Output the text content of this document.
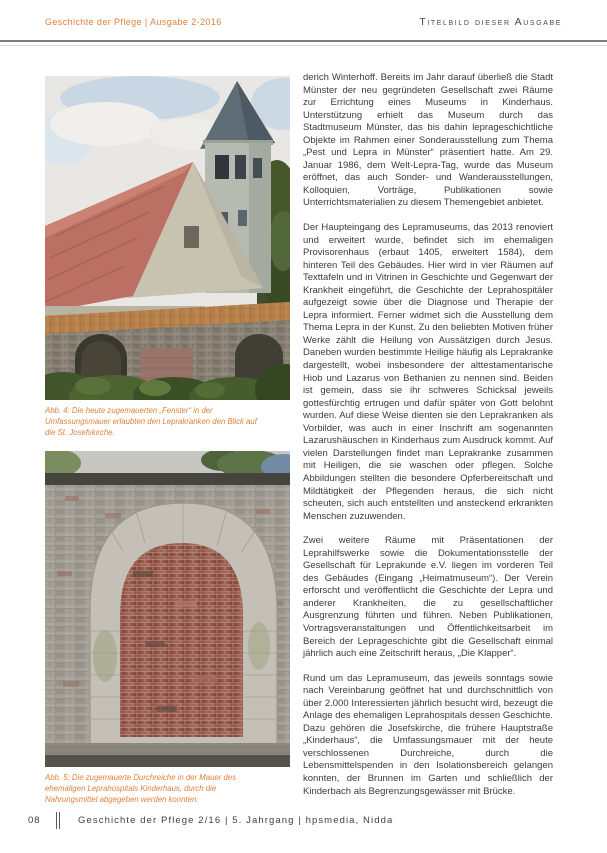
Geschichte der Pflege | Ausgabe 2-2016	Titelbild dieser Ausgabe
Abb. 4: Die heute zugemauerten „Fenster“ in der Umfassungsmauer erlaubten den Leprakranken den Blick auf die St. Josefskirche.
Abb. 5: Die zugemauerte Durchreiche in der Mauer des ehemaligen Leprahospitals Kinderhaus, durch die Nahrungsmittel abgegeben werden konnten.

derich Winterhoff. Bereits im Jahr darauf überließ die Stadt Münster der neu gegründeten Gesellschaft zwei Räume zur Errichtung eines Museums in Kinderhaus. Unterstützung erhielt das Museum durch das Stadtmuseum Münster, das bis dahin leprageschichtliche Objekte im Rahmen einer Sonderausstellung zum Thema „Pest und Lepra in Münster“ präsentiert hatte. Am 29. Januar 1986, dem Welt-Lepra-Tag, wurde das Museum eröffnet, das auch Sonder- und Wanderausstellungen, Kolloquien, Vorträge, Publikationen sowie Unterrichtsmaterialien zu diesem Themengebiet anbietet.

Der Haupteingang des Lepramuseums, das 2013 renoviert und erweitert wurde, befindet sich im ehemaligen Provisorenhaus (erbaut 1405, erweitert 1584), dem hinteren Teil des Gebäudes. Hier wird in vier Räumen auf Texttafeln und in Vitrinen in Geschichte und Gegenwart der Krankheit eingeführt, die Geschichte der Leprahospitäler aufgezeigt sowie über die Diagnose und Therapie der Lepra informiert. Ferner widmet sich die Ausstellung dem Thema Lepra in der Kunst. Zu den beliebten Motiven früher Werke zählt die Heilung von Aussätzigen durch Jesus. Daneben wurden bestimmte Heilige häufig als Leprakranke dargestellt, wobei insbesondere der alttestamentarische Hiob und Lazarus von Bethanien zu nennen sind. Beiden ist gemein, dass sie ihr schweres Schicksal jeweils gottesfürchtig ertrugen und dafür später von Gott belohnt wurden. Auf diese Weise dienten sie den Leprakranken als Vorbilder, was auch in einer Inschrift am sogenannten Lazarushäuschen in Kinderhaus zum Ausdruck kommt. Auf vielen Darstellungen findet man Leprakranke zusammen mit Heiligen, die sie waschen oder pflegen. Solche Abbildungen stellten die besondere Opferbereitschaft und Mildtätigkeit der Pflegenden heraus, die sich nicht scheuten, sich auch entstellten und ansteckend erkrankten Menschen zuzuwenden.

Zwei weitere Räume mit Präsentationen der Leprahilfswerke sowie die Dokumentationsstelle der Gesellschaft für Leprakunde e.V. liegen im vorderen Teil des Gebäudes (Eingang „Heimatmuseum“). Der Verein erforscht und veröffentlicht die Geschichte der Lepra und anderer Krankheiten, die zu gesellschaftlicher Ausgrenzung führten und führen. Neben Publikationen, Vortragsveranstaltungen und Öffentlichkeitsarbeit im Bereich der Leprageschichte gibt die Gesellschaft einmal jährlich auch eine Zeitschrift heraus, „Die Klapper“.

Rund um das Lepramuseum, das jeweils sonntags sowie nach Vereinbarung geöffnet hat und durchschnittlich von über 2.000 Interessierten jährlich besucht wird, bezeugt die Anlage des ehemaligen Leprahospitals dessen Geschichte. Dazu gehören die Josefskirche, die frühere Hauptstraße „Kinderhaus“, die Umfassungsmauer mit der heute verschlossenen Durchreiche, durch die Lebensmittelspenden in den Isolationsbereich gelangen konnten, der Brunnen im Garten und schließlich der Kinderbach als Begrenzungsgewässer mit Brücke.

08	Geschichte der Pflege 2/16 | 5. Jahrgang | hpsmedia, Nidda
